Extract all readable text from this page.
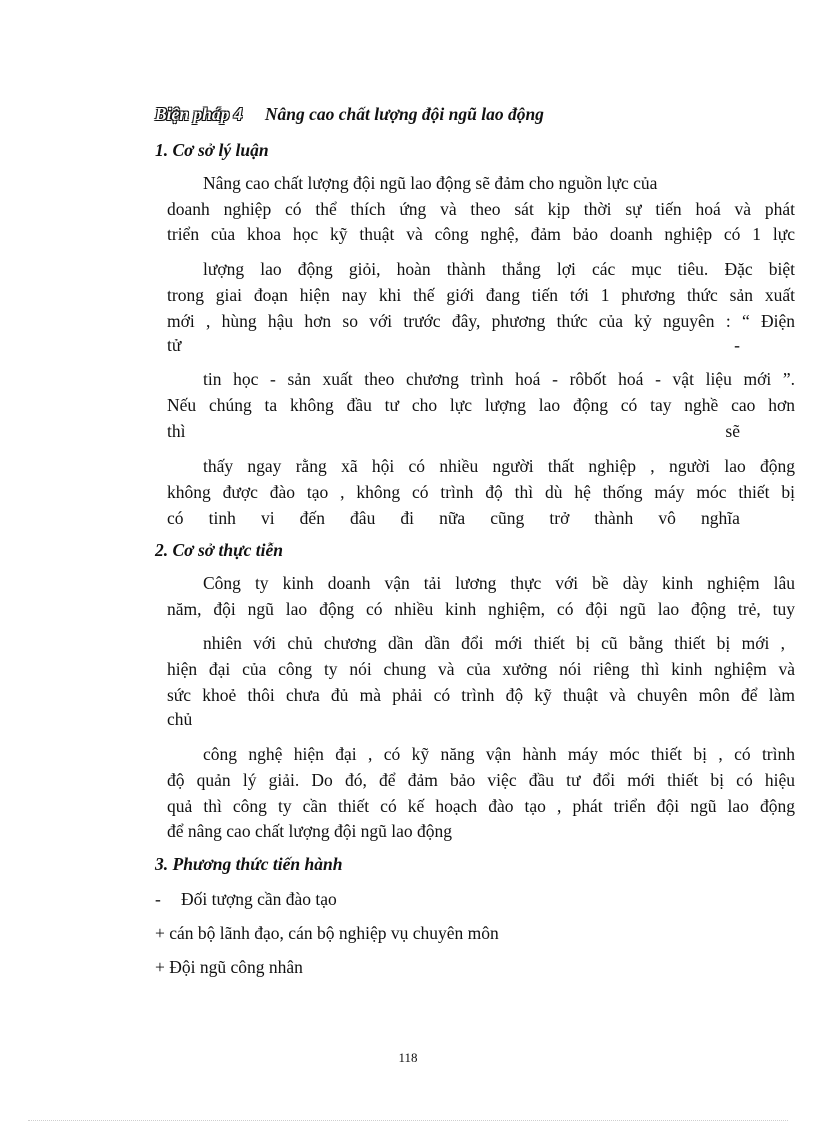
Biện pháp 4 Nâng cao chất lượng đội ngũ lao động
1. Cơ sở lý luận
Nâng cao chất lượng đội ngũ lao động sẽ đảm cho nguồn lực của
doanh nghiệp có thể thích ứng và theo sát kịp thời sự tiến hoá và phát
triển của khoa học kỹ thuật và công nghệ, đảm bảo doanh nghiệp có 1 lực
lượng lao động giỏi, hoàn thành thắng lợi các mục tiêu. Đặc biệt
trong giai đoạn hiện nay khi thế giới đang tiến tới 1 phương thức sản xuất
mới , hùng hậu hơn so với trước đây, phương thức của kỷ nguyên : “ Điện
tử	-
tin học - sản xuất theo chương trình hoá - rôbốt hoá - vật liệu mới ”.
Nếu chúng ta không đầu tư cho lực lượng lao động có tay nghề cao hơn
thì	sẽ
thấy ngay rằng xã hội có nhiều người thất nghiệp , người lao động
không được đào tạo , không có trình độ thì dù hệ thống máy móc thiết bị
có tinh vi đến đâu đi nữa cũng trở thành vô nghĩa
2. Cơ sở thực tiễn
Công ty kinh doanh vận tải lương thực với bề dày kinh nghiệm lâu
năm, đội ngũ lao động có nhiều kinh nghiệm, có đội ngũ lao động trẻ, tuy
nhiên với chủ chương dần dần đổi mới thiết bị cũ bằng thiết bị mới ,
hiện đại của công ty nói chung và của xưởng nói riêng thì kinh nghiệm và
sức khoẻ thôi chưa đủ mà phải có trình độ kỹ thuật và chuyên môn để làm
chủ
công nghệ hiện đại , có kỹ năng vận hành máy móc thiết bị , có trình
độ quản lý giải. Do đó, để đảm bảo việc đầu tư đổi mới thiết bị có hiệu
quả thì công ty cần thiết có kế hoạch đào tạo , phát triển đội ngũ lao động
để nâng cao chất lượng đội ngũ lao động
3. Phương thức tiến hành
- Đối tượng cần đào tạo
+ cán bộ lãnh đạo, cán bộ nghiệp vụ chuyên môn
+ Đội ngũ công nhân
118
